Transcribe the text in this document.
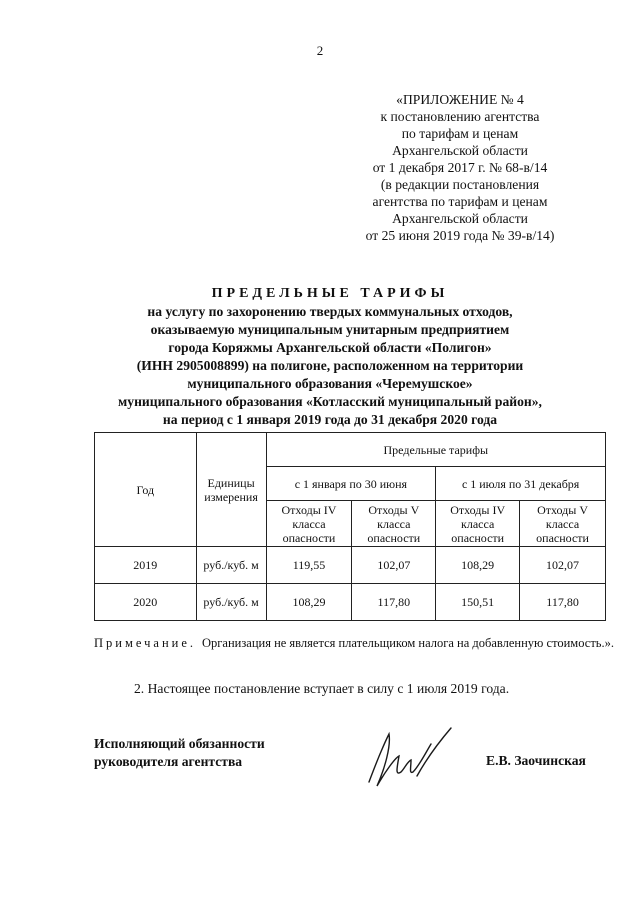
2
«ПРИЛОЖЕНИЕ № 4
к постановлению агентства
по тарифам и ценам
Архангельской области
от 1 декабря 2017 г. № 68-в/14
(в редакции постановления
агентства по тарифам и ценам
Архангельской области
от 25 июня 2019 года № 39-в/14)
ПРЕДЕЛЬНЫЕ ТАРИФЫ
на услугу по захоронению твердых коммунальных отходов,
оказываемую муниципальным унитарным предприятием
города Коряжмы Архангельской области «Полигон»
(ИНН 2905008899) на полигоне, расположенном на территории
муниципального образования «Черемушское»
муниципального образования «Котласский муниципальный район»,
на период с 1 января 2019 года до 31 декабря 2020 года
Год	Единицы измерения	Предельные тарифы			
		с 1 января по 30 июня		с 1 июля по 31 декабря	
		Отходы IV класса опасности	Отходы V класса опасности	Отходы IV класса опасности	Отходы V класса опасности
2019	руб./куб. м	119,55	102,07	108,29	102,07
2020	руб./куб. м	108,29	117,80	150,51	117,80
Примечание. Организация не является плательщиком налога на добавленную стоимость.».
2. Настоящее постановление вступает в силу с 1 июля 2019 года.
Исполняющий обязанности
руководителя агентства	Е.В. Заочинская
